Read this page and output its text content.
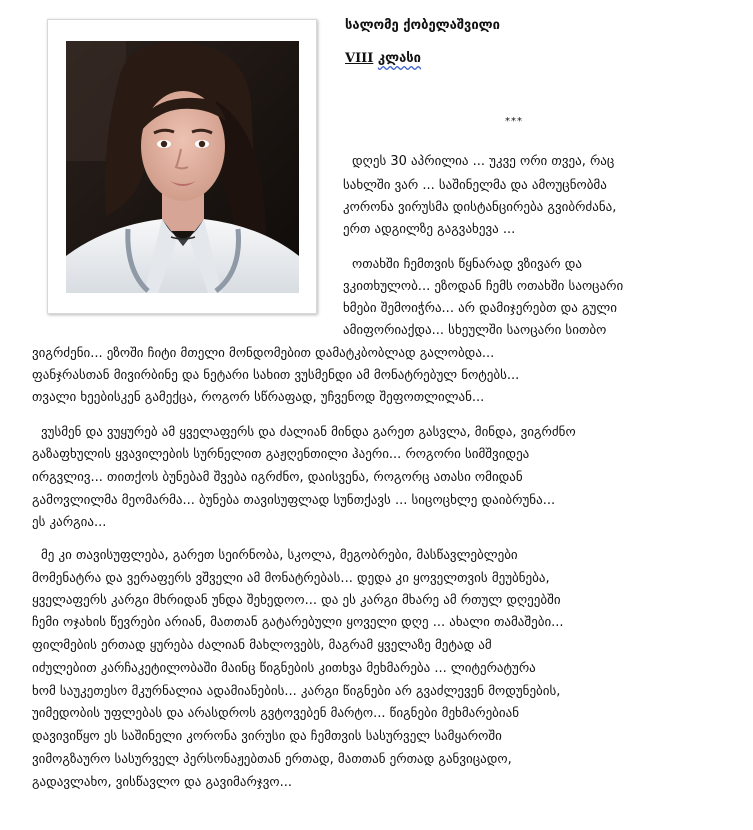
სალომე ქობელაშვილი
VIII კლასი
***
დღეს 30 აპრილია ... უკვე ორი თვეა, რაც
სახლში ვარ ... საშინელმა და ამოუცნობმა
კორონა ვირუსმა დისტანცირება გვიბრძანა,
ერთ ადგილზე გაგვახევა ...
ოთახში ჩემთვის წყნარად ვზივარ და
ვკითხულობ... ეზოდან ჩემს ოთახში საოცარი
ხმები შემოიჭრა... არ დამიჯერებთ და გული
ამიფორიაქდა... სხეულში საოცარი სითბო
ვიგრძენი... ეზოში ჩიტი მთელი მონდომებით დამატკბობლად გალობდა...
ფანჯრასთან მივირბინე და ნეტარი სახით ვუსმენდი ამ მონატრებულ ნოტებს...
თვალი ხეებისკენ გამექცა, როგორ სწრაფად, უჩვენოდ შეფოთლილან...
ვუსმენ და ვუყურებ ამ ყველაფერს და ძალიან მინდა გარეთ გასვლა, მინდა, ვიგრძნო
გაზაფხულის ყვავილების სურნელით გაჟღენთილი ჰაერი... როგორი სიმშვიდეა
ირგვლივ... თითქოს ბუნებამ შვება იგრძნო, დაისვენა, როგორც ათასი ომიდან
გამოვლილმა მეომარმა... ბუნება თავისუფლად სუნთქავს ... სიცოცხლე დაიბრუნა...
ეს კარგია...
მე კი თავისუფლება, გარეთ სეირნობა, სკოლა, მეგობრები, მასწავლებლები
მომენატრა და ვერაფერს ვშველი ამ მონატრებას... დედა კი ყოველთვის მეუბნება,
ყველაფერს კარგი მხრიდან უნდა შეხედოო... და ეს კარგი მხარე ამ რთულ დღეებში
ჩემი ოჯახის წევრები არიან, მათთან გატარებული ყოველი დღე ... ახალი თამაშები...
ფილმების ერთად ყურება ძალიან მახლოვებს, მაგრამ ყველაზე მეტად ამ
იძულებით კარჩაკეტილობაში მაინც წიგნების კითხვა მეხმარება ... ლიტერატურა
ხომ საუკეთესო მკურნალია ადამიანების... კარგი წიგნები არ გვაძლევენ მოდუნების,
უიმედობის უფლებას და არასდროს გვტოვებენ მარტო... წიგნები მეხმარებიან
დავივიწყო ეს საშინელი კორონა ვირუსი და ჩემთვის სასურველ სამყაროში
ვიმოგზაურო სასურველ პერსონაჟებთან ერთად, მათთან ერთად განვიცადო,
გადავლახო, ვისწავლო და გავიმარჯვო...
